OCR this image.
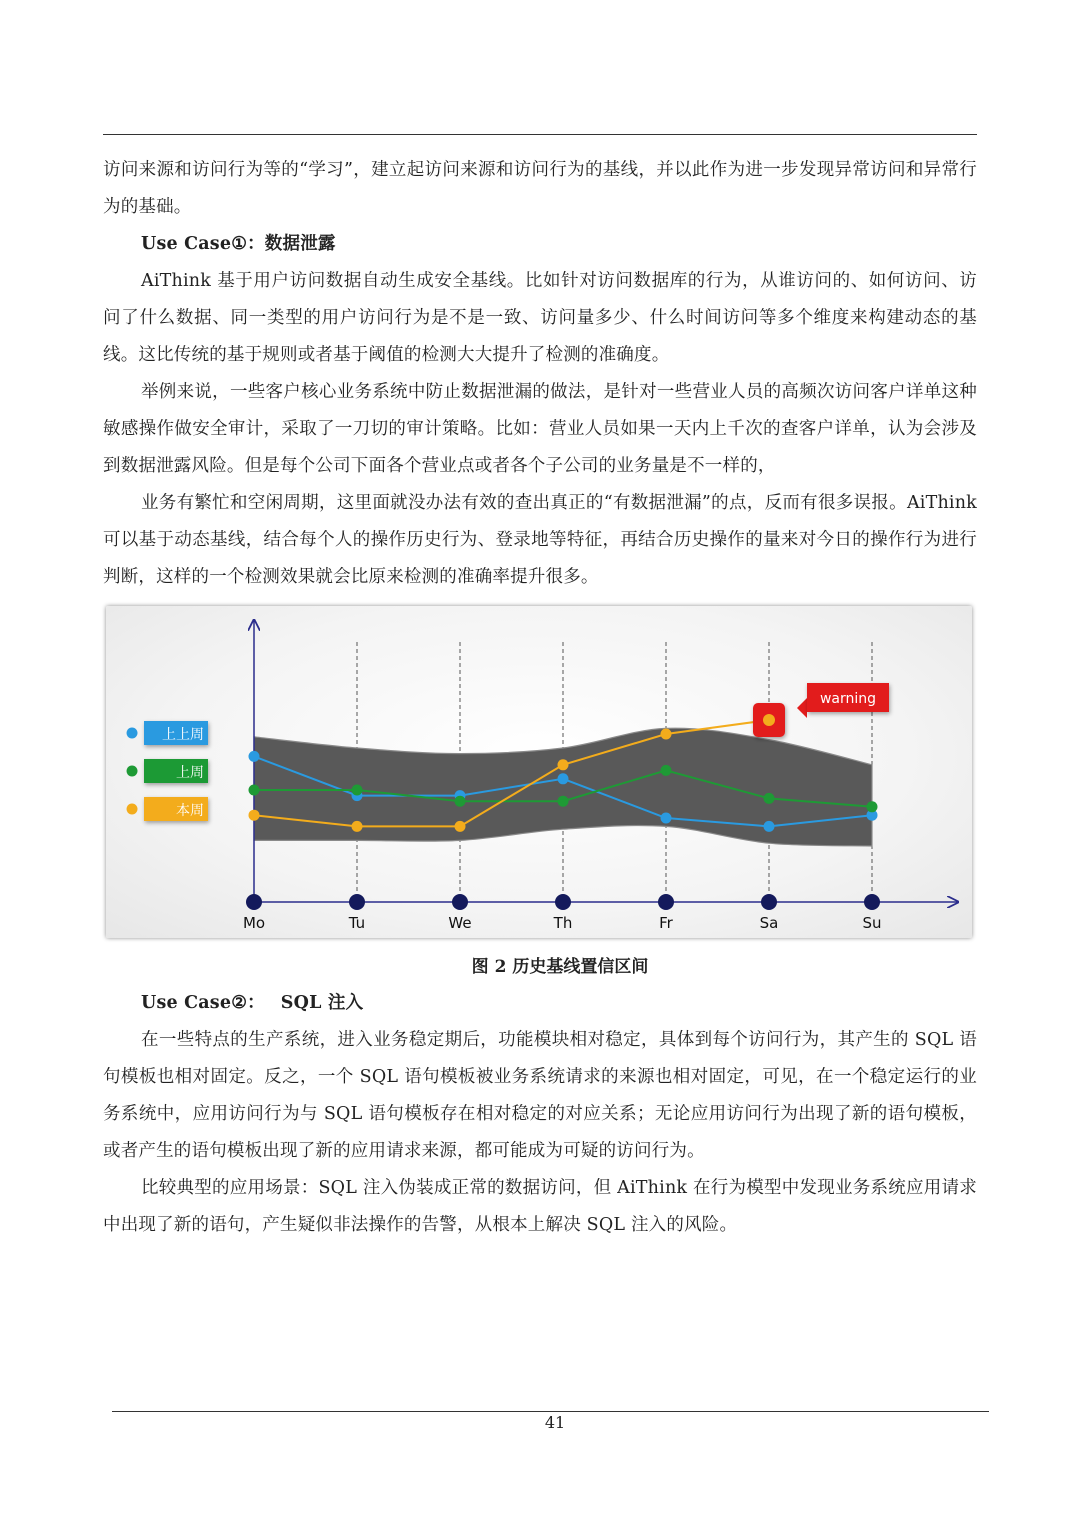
访问来源和访问行为等的“学习”，建立起访问来源和访问行为的基线，并以此作为进一步发现异常访问和异常行为的基础。

Use Case①：数据泄露

AiThink 基于用户访问数据自动生成安全基线。比如针对访问数据库的行为，从谁访问的、如何访问、访问了什么数据、同一类型的用户访问行为是不是一致、访问量多少、什么时间访问等多个维度来构建动态的基线。这比传统的基于规则或者基于阈值的检测大大提升了检测的准确度。

举例来说，一些客户核心业务系统中防止数据泄漏的做法，是针对一些营业人员的高频次访问客户详单这种敏感操作做安全审计，采取了一刀切的审计策略。比如：营业人员如果一天内上千次的查客户详单，认为会涉及到数据泄露风险。但是每个公司下面各个营业点或者各个子公司的业务量是不一样的，

业务有繁忙和空闲周期，这里面就没办法有效的查出真正的“有数据泄漏”的点，反而有很多误报。AiThink 可以基于动态基线，结合每个人的操作历史行为、登录地等特征，再结合历史操作的量来对今日的操作行为进行判断，这样的一个检测效果就会比原来检测的准确率提升很多。

Mo	Tu	We	Th	Fr	Sa	Su
上上周
上周
本周
warning
图 2 历史基线置信区间

Use Case②： SQL 注入

在一些特点的生产系统，进入业务稳定期后，功能模块相对稳定，具体到每个访问行为，其产生的 SQL 语句模板也相对固定。反之，一个 SQL 语句模板被业务系统请求的来源也相对固定，可见，在一个稳定运行的业务系统中，应用访问行为与 SQL 语句模板存在相对稳定的对应关系；无论应用访问行为出现了新的语句模板，或者产生的语句模板出现了新的应用请求来源，都可能成为可疑的访问行为。

比较典型的应用场景：SQL 注入伪装成正常的数据访问，但 AiThink 在行为模型中发现业务系统应用请求中出现了新的语句，产生疑似非法操作的告警，从根本上解决 SQL 注入的风险。

41
